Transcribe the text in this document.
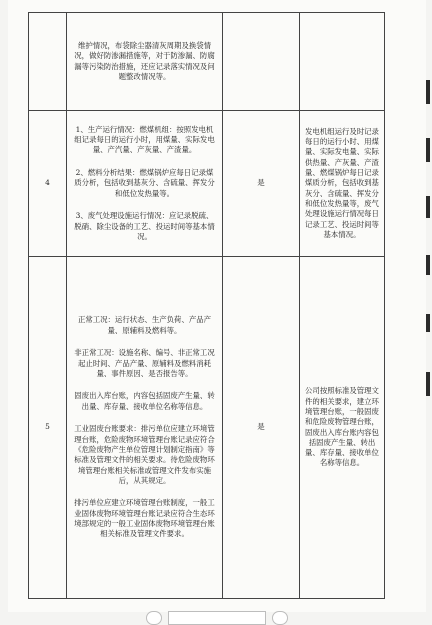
	维护情况，布袋除尘器清灰周期及换袋情况，做好防渗漏措施等，对于防渗漏、防腐漏等污染防治措施，还应记录落实情况及问题整改情况等。		
4	1、生产运行情况：燃煤机组：按照发电机组记录每日的运行小时，用煤量、实际发电量、产汽量、产灰量、产渣量。

2、燃料分析结果：燃煤锅炉应每日记录煤质分析，包括收到基灰分、含硫量、挥发分和低位发热量等。

3、废气处理设施运行情况：应记录脱硫、脱硝、除尘设备的工艺、投运时间等基本情况。	是	发电机组运行及时记录每日的运行小时、用煤量、实际发电量、实际供热量、产灰量、产渣量、燃煤锅炉每日记录煤质分析，包括收到基灰分、含硫量、挥发分和低位发热量等，废气处理设施运行情况每日记录工艺、投运时间等基本情况。
5	正常工况：运行状态、生产负荷、产品产量、原辅料及燃料等。

非正常工况：设施名称、编号、非正常工况起止时间、产品产量、原辅料及燃料消耗量、事件原因、是否报告等。

固废出入库台账，内容包括固废产生量、转出量、库存量、接收单位名称等信息。

工业固废台账要求：排污单位应建立环境管理台账，危险废物环境管理台账记录应符合《危险废物产生单位管理计划制定指南》等标准及管理文件的相关要求。待危险废物环境管理台账相关标准或管理文件发布实施后，从其规定。

排污单位应建立环境管理台账制度，一般工业固体废物环境管理台账记录应符合生态环境部规定的一般工业固体废物环境管理台账相关标准及管理文件要求。	是	公司按照标准及管理文件的相关要求，建立环境管理台账，一般固废和危险废物管理台账，固废出入库台账内容包括固废产生量、转出量、库存量、接收单位名称等信息。
